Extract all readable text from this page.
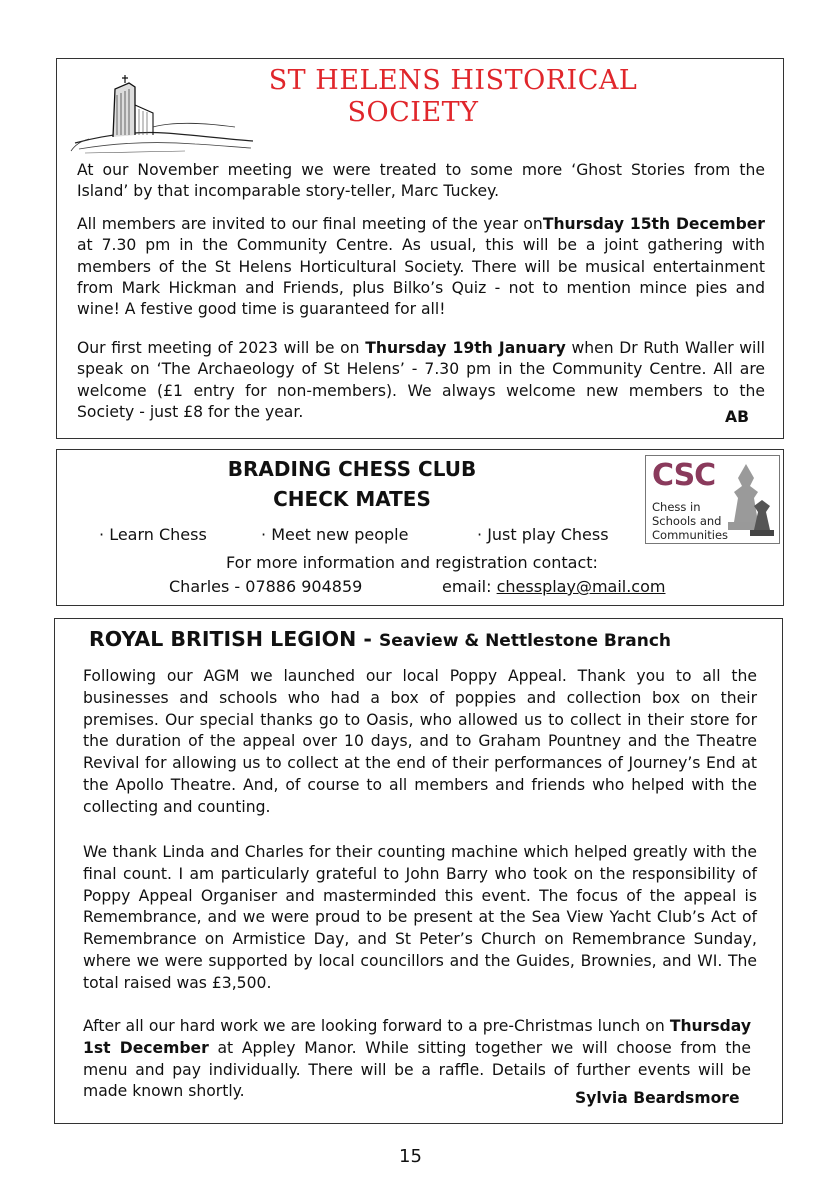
ST HELENS HISTORICAL
SOCIETY

At our November meeting we were treated to some more ‘Ghost Stories from the Island’ by that incomparable story-teller, Marc Tuckey.

All members are invited to our final meeting of the year onThursday 15th December at 7.30 pm in the Community Centre. As usual, this will be a joint gathering with members of the St Helens Horticultural Society. There will be musical entertainment from Mark Hickman and Friends, plus Bilko’s Quiz - not to mention mince pies and wine! A festive good time is guaranteed for all!

Our first meeting of 2023 will be on Thursday 19th January when Dr Ruth Waller will speak on ‘The Archaeology of St Helens’ - 7.30 pm in the Community Centre. All are welcome (£1 entry for non-members). We always welcome new members to the Society - just £8 for the year.	AB
BRADING CHESS CLUB
CHECK MATES
CSC
Chess in
Schools and
Communities
· Learn Chess	· Meet new people	· Just play Chess
For more information and registration contact:
Charles - 07886 904859	email: chessplay@mail.com
ROYAL BRITISH LEGION - Seaview & Nettlestone Branch

Following our AGM we launched our local Poppy Appeal. Thank you to all the businesses and schools who had a box of poppies and collection box on their premises. Our special thanks go to Oasis, who allowed us to collect in their store for the duration of the appeal over 10 days, and to Graham Pountney and the Theatre Revival for allowing us to collect at the end of their performances of Journey’s End at the Apollo Theatre. And, of course to all members and friends who helped with the collecting and counting.

We thank Linda and Charles for their counting machine which helped greatly with the final count. I am particularly grateful to John Barry who took on the responsibility of Poppy Appeal Organiser and masterminded this event. The focus of the appeal is Remembrance, and we were proud to be present at the Sea View Yacht Club’s Act of Remembrance on Armistice Day, and St Peter’s Church on Remembrance Sunday, where we were supported by local councillors and the Guides, Brownies, and WI. The total raised was £3,500.

After all our hard work we are looking forward to a pre-Christmas lunch on Thursday 1st December at Appley Manor. While sitting together we will choose from the menu and pay individually. There will be a raffle. Details of further events will be made known shortly.	Sylvia Beardsmore
15
